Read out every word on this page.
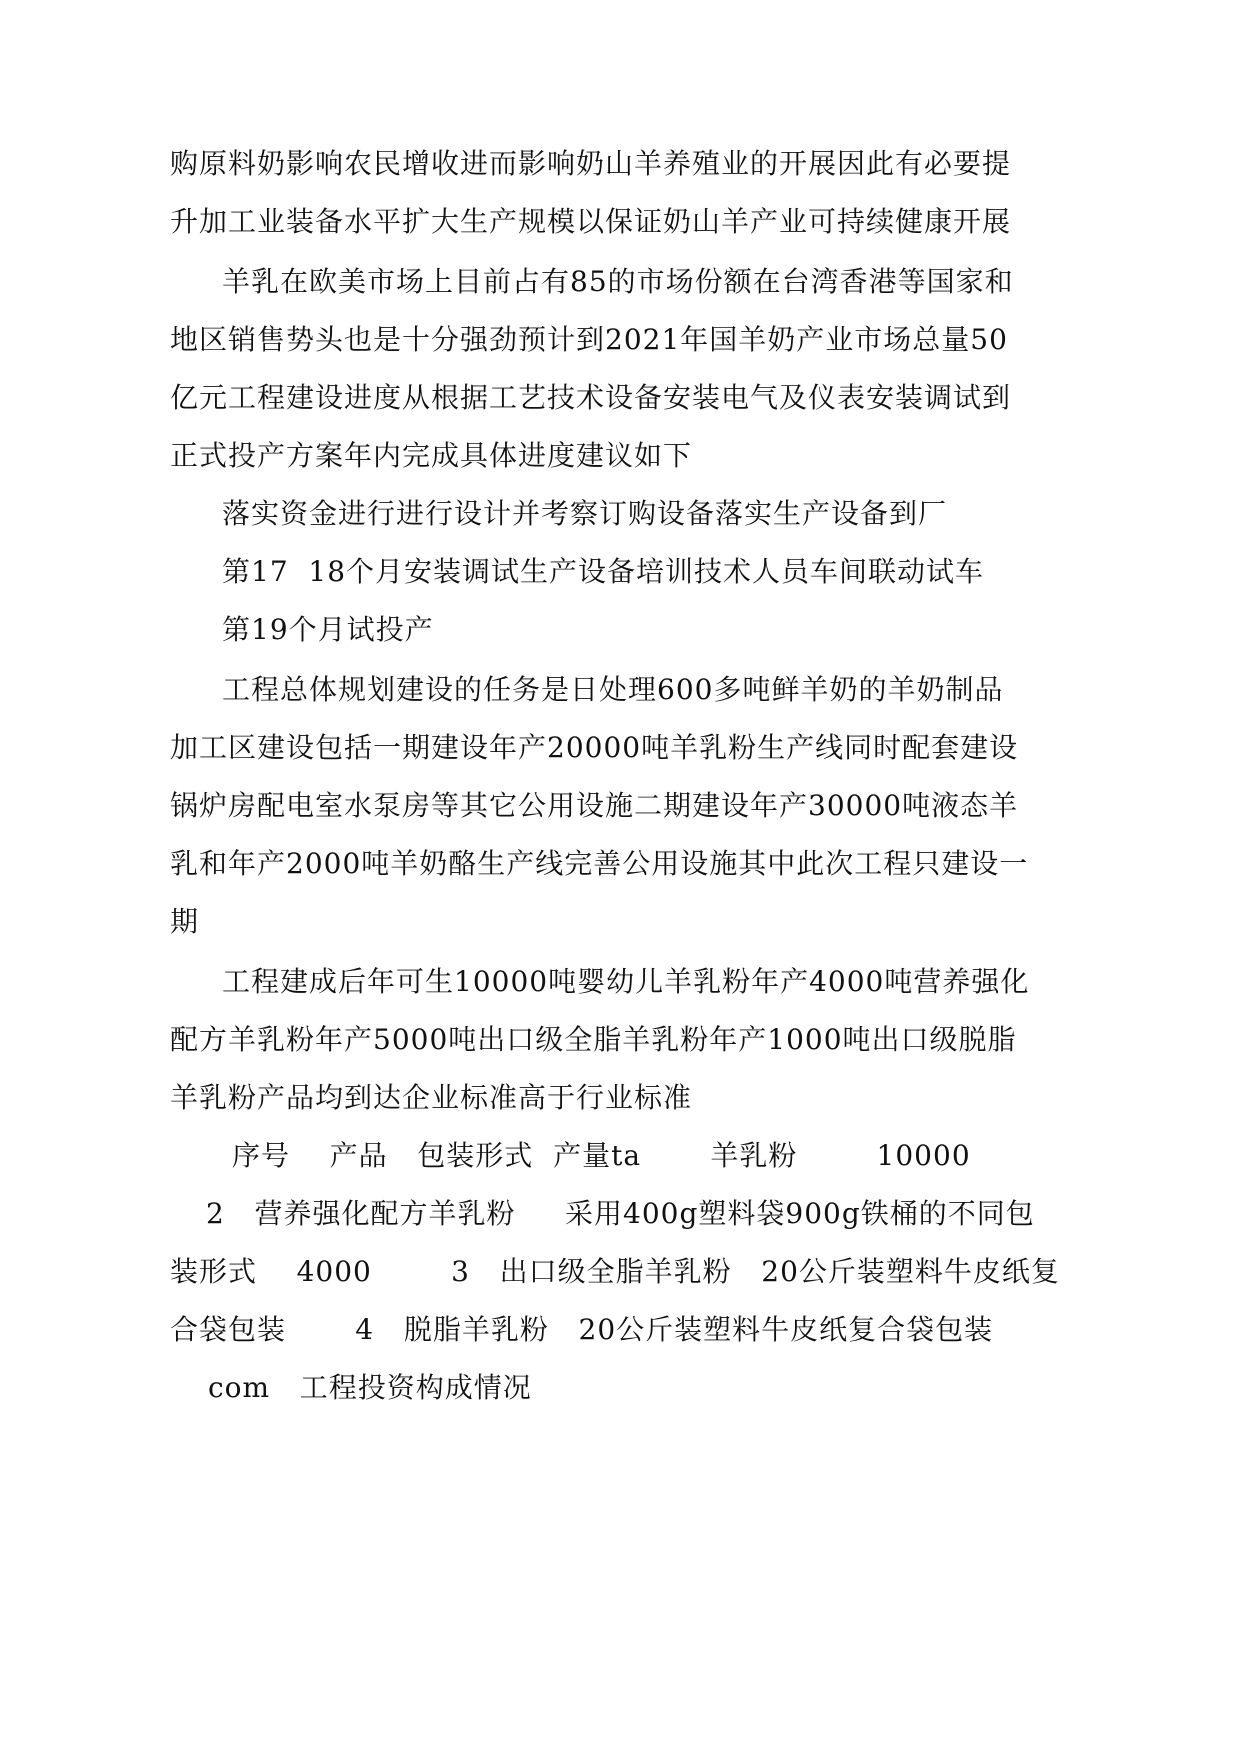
购原料奶影响农民增收进而影响奶山羊养殖业的开展因此有必要提
升加工业装备水平扩大生产规模以保证奶山羊产业可持续健康开展
羊乳在欧美市场上目前占有85的市场份额在台湾香港等国家和
地区销售势头也是十分强劲预计到2021年国羊奶产业市场总量50
亿元工程建设进度从根据工艺技术设备安装电气及仪表安装调试到
正式投产方案年内完成具体进度建议如下
落实资金进行进行设计并考察订购设备落实生产设备到厂
第17  18个月安装调试生产设备培训技术人员车间联动试车
第19个月试投产
工程总体规划建设的任务是日处理600多吨鲜羊奶的羊奶制品
加工区建设包括一期建设年产20000吨羊乳粉生产线同时配套建设
锅炉房配电室水泵房等其它公用设施二期建设年产30000吨液态羊
乳和年产2000吨羊奶酪生产线完善公用设施其中此次工程只建设一
期
工程建成后年可生10000吨婴幼儿羊乳粉年产4000吨营养强化
配方羊乳粉年产5000吨出口级全脂羊乳粉年产1000吨出口级脱脂
羊乳粉产品均到达企业标准高于行业标准
序号    产品   包装形式  产量ta       羊乳粉        10000
2   营养强化配方羊乳粉     采用400g塑料袋900g铁桶的不同包
装形式    4000        3   出口级全脂羊乳粉   20公斤装塑料牛皮纸复
合袋包装       4   脱脂羊乳粉   20公斤装塑料牛皮纸复合袋包装
com   工程投资构成情况
